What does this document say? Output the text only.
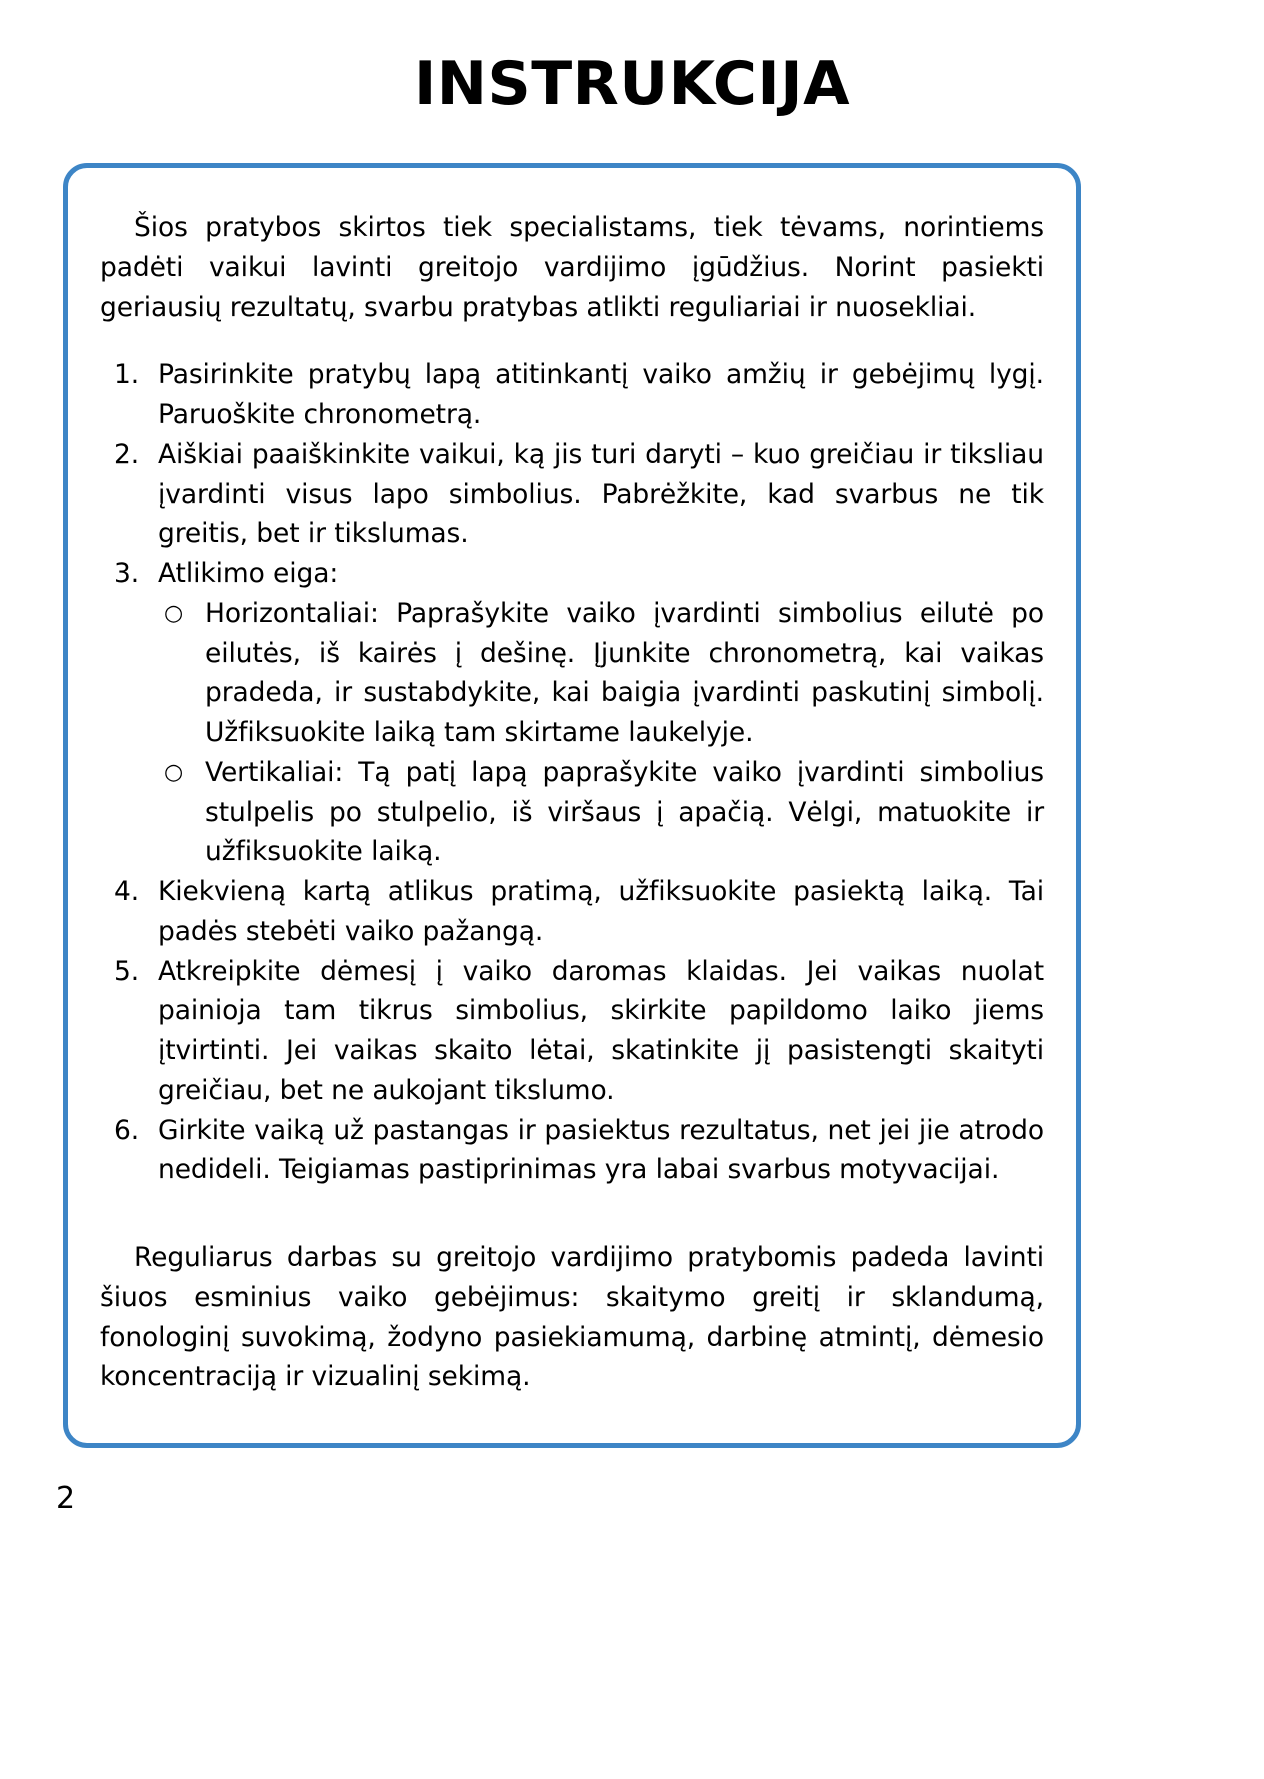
INSTRUKCIJA

Šios pratybos skirtos tiek specialistams, tiek tėvams, norintiems padėti vaikui lavinti greitojo vardijimo įgūdžius. Norint pasiekti geriausių rezultatų, svarbu pratybas atlikti reguliariai ir nuosekliai.

1. Pasirinkite pratybų lapą atitinkantį vaiko amžių ir gebėjimų lygį. Paruoškite chronometrą.
2. Aiškiai paaiškinkite vaikui, ką jis turi daryti – kuo greičiau ir tiksliau įvardinti visus lapo simbolius. Pabrėžkite, kad svarbus ne tik greitis, bet ir tikslumas.
3. Atlikimo eiga:
○ Horizontaliai: Paprašykite vaiko įvardinti simbolius eilutė po eilutės, iš kairės į dešinę. Įjunkite chronometrą, kai vaikas pradeda, ir sustabdykite, kai baigia įvardinti paskutinį simbolį. Užfiksuokite laiką tam skirtame laukelyje.
○ Vertikaliai: Tą patį lapą paprašykite vaiko įvardinti simbolius stulpelis po stulpelio, iš viršaus į apačią. Vėlgi, matuokite ir užfiksuokite laiką.
4. Kiekvieną kartą atlikus pratimą, užfiksuokite pasiektą laiką. Tai padės stebėti vaiko pažangą.
5. Atkreipkite dėmesį į vaiko daromas klaidas. Jei vaikas nuolat painioja tam tikrus simbolius, skirkite papildomo laiko jiems įtvirtinti. Jei vaikas skaito lėtai, skatinkite jį pasistengti skaityti greičiau, bet ne aukojant tikslumo.
6. Girkite vaiką už pastangas ir pasiektus rezultatus, net jei jie atrodo nedideli. Teigiamas pastiprinimas yra labai svarbus motyvacijai.

Reguliarus darbas su greitojo vardijimo pratybomis padeda lavinti šiuos esminius vaiko gebėjimus: skaitymo greitį ir sklandumą, fonologinį suvokimą, žodyno pasiekiamumą, darbinę atmintį, dėmesio koncentraciją ir vizualinį sekimą.

2
